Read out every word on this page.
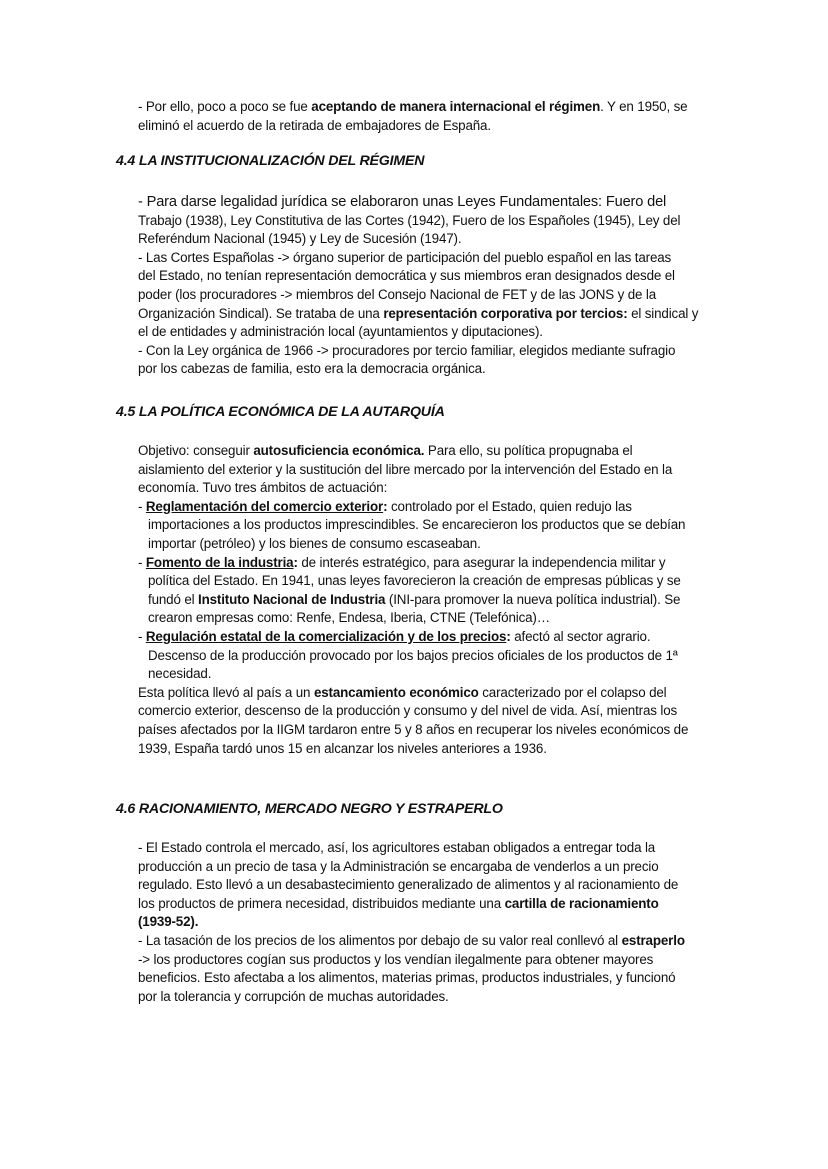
- Por ello, poco a poco se fue aceptando de manera internacional el régimen. Y en 1950, se
eliminó el acuerdo de la retirada de embajadores de España.
4.4 LA INSTITUCIONALIZACIÓN DEL RÉGIMEN
- Para darse legalidad jurídica se elaboraron unas Leyes Fundamentales: Fuero del
Trabajo (1938), Ley Constitutiva de las Cortes (1942), Fuero de los Españoles (1945), Ley del
Referéndum Nacional (1945) y Ley de Sucesión (1947).
- Las Cortes Españolas -> órgano superior de participación del pueblo español en las tareas
del Estado, no tenían representación democrática y sus miembros eran designados desde el
poder (los procuradores -> miembros del Consejo Nacional de FET y de las JONS y de la
Organización Sindical). Se trataba de una representación corporativa por tercios: el sindical y
el de entidades y administración local (ayuntamientos y diputaciones).
- Con la Ley orgánica de 1966 -> procuradores por tercio familiar, elegidos mediante sufragio
por los cabezas de familia, esto era la democracia orgánica.
4.5 LA POLÍTICA ECONÓMICA DE LA AUTARQUÍA
Objetivo: conseguir autosuficiencia económica. Para ello, su política propugnaba el
aislamiento del exterior y la sustitución del libre mercado por la intervención del Estado en la
economía. Tuvo tres ámbitos de actuación:
- Reglamentación del comercio exterior: controlado por el Estado, quien redujo las
importaciones a los productos imprescindibles. Se encarecieron los productos que se debían
importar (petróleo) y los bienes de consumo escaseaban.
- Fomento de la industria: de interés estratégico, para asegurar la independencia militar y
política del Estado. En 1941, unas leyes favorecieron la creación de empresas públicas y se
fundó el Instituto Nacional de Industria (INI-para promover la nueva política industrial). Se
crearon empresas como: Renfe, Endesa, Iberia, CTNE (Telefónica)…
- Regulación estatal de la comercialización y de los precios: afectó al sector agrario.
Descenso de la producción provocado por los bajos precios oficiales de los productos de 1ª
necesidad.
Esta política llevó al país a un estancamiento económico caracterizado por el colapso del
comercio exterior, descenso de la producción y consumo y del nivel de vida. Así, mientras los
países afectados por la IIGM tardaron entre 5 y 8 años en recuperar los niveles económicos de
1939, España tardó unos 15 en alcanzar los niveles anteriores a 1936.
4.6 RACIONAMIENTO, MERCADO NEGRO Y ESTRAPERLO
- El Estado controla el mercado, así, los agricultores estaban obligados a entregar toda la
producción a un precio de tasa y la Administración se encargaba de venderlos a un precio
regulado. Esto llevó a un desabastecimiento generalizado de alimentos y al racionamiento de
los productos de primera necesidad, distribuidos mediante una cartilla de racionamiento
(1939-52).
- La tasación de los precios de los alimentos por debajo de su valor real conllevó al estraperlo
-> los productores cogían sus productos y los vendían ilegalmente para obtener mayores
beneficios. Esto afectaba a los alimentos, materias primas, productos industriales, y funcionó
por la tolerancia y corrupción de muchas autoridades.
